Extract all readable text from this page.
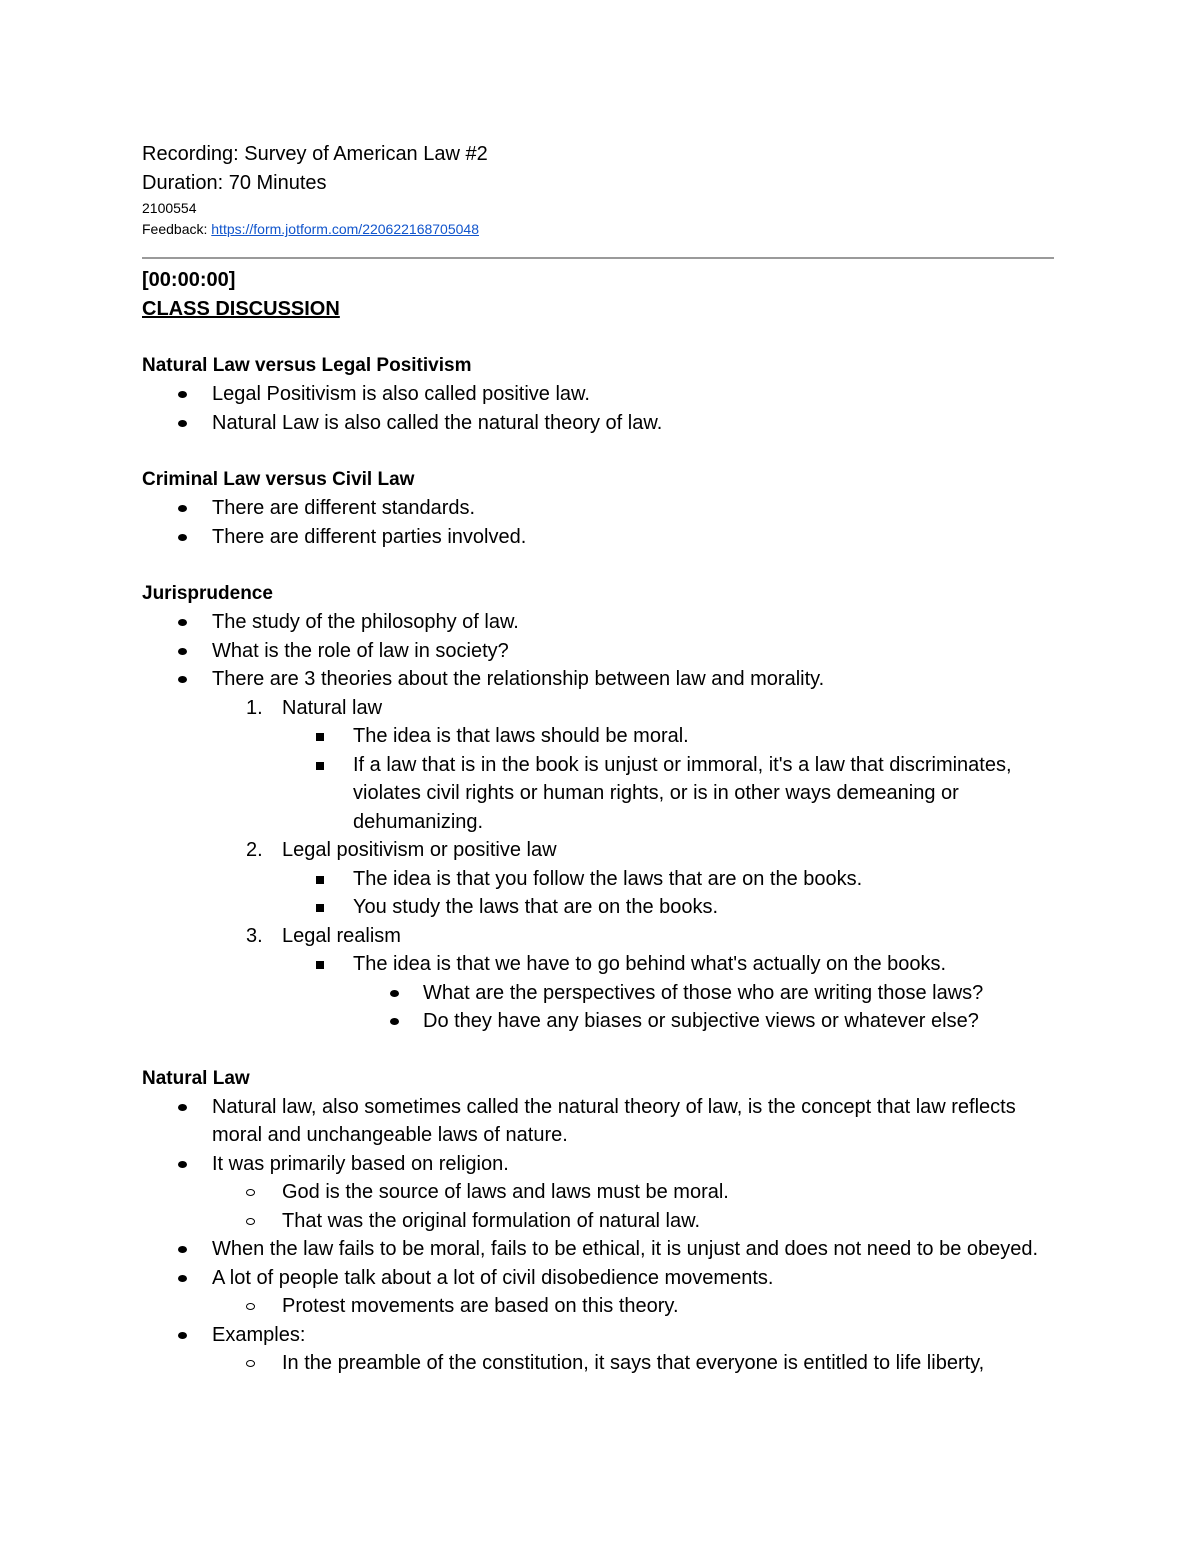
Recording: Survey of American Law #2
Duration: 70 Minutes
2100554
Feedback: https://form.jotform.com/220622168705048
[00:00:00]
CLASS DISCUSSION
Natural Law versus Legal Positivism
Legal Positivism is also called positive law.
Natural Law is also called the natural theory of law.
Criminal Law versus Civil Law
There are different standards.
There are different parties involved.
Jurisprudence
The study of the philosophy of law.
What is the role of law in society?
There are 3 theories about the relationship between law and morality.
1. Natural law
The idea is that laws should be moral.
If a law that is in the book is unjust or immoral, it's a law that discriminates, violates civil rights or human rights, or is in other ways demeaning or dehumanizing.
2. Legal positivism or positive law
The idea is that you follow the laws that are on the books.
You study the laws that are on the books.
3. Legal realism
The idea is that we have to go behind what's actually on the books.
What are the perspectives of those who are writing those laws?
Do they have any biases or subjective views or whatever else?
Natural Law
Natural law, also sometimes called the natural theory of law, is the concept that law reflects moral and unchangeable laws of nature.
It was primarily based on religion.
God is the source of laws and laws must be moral.
That was the original formulation of natural law.
When the law fails to be moral, fails to be ethical, it is unjust and does not need to be obeyed.
A lot of people talk about a lot of civil disobedience movements.
Protest movements are based on this theory.
Examples:
In the preamble of the constitution, it says that everyone is entitled to life liberty,
